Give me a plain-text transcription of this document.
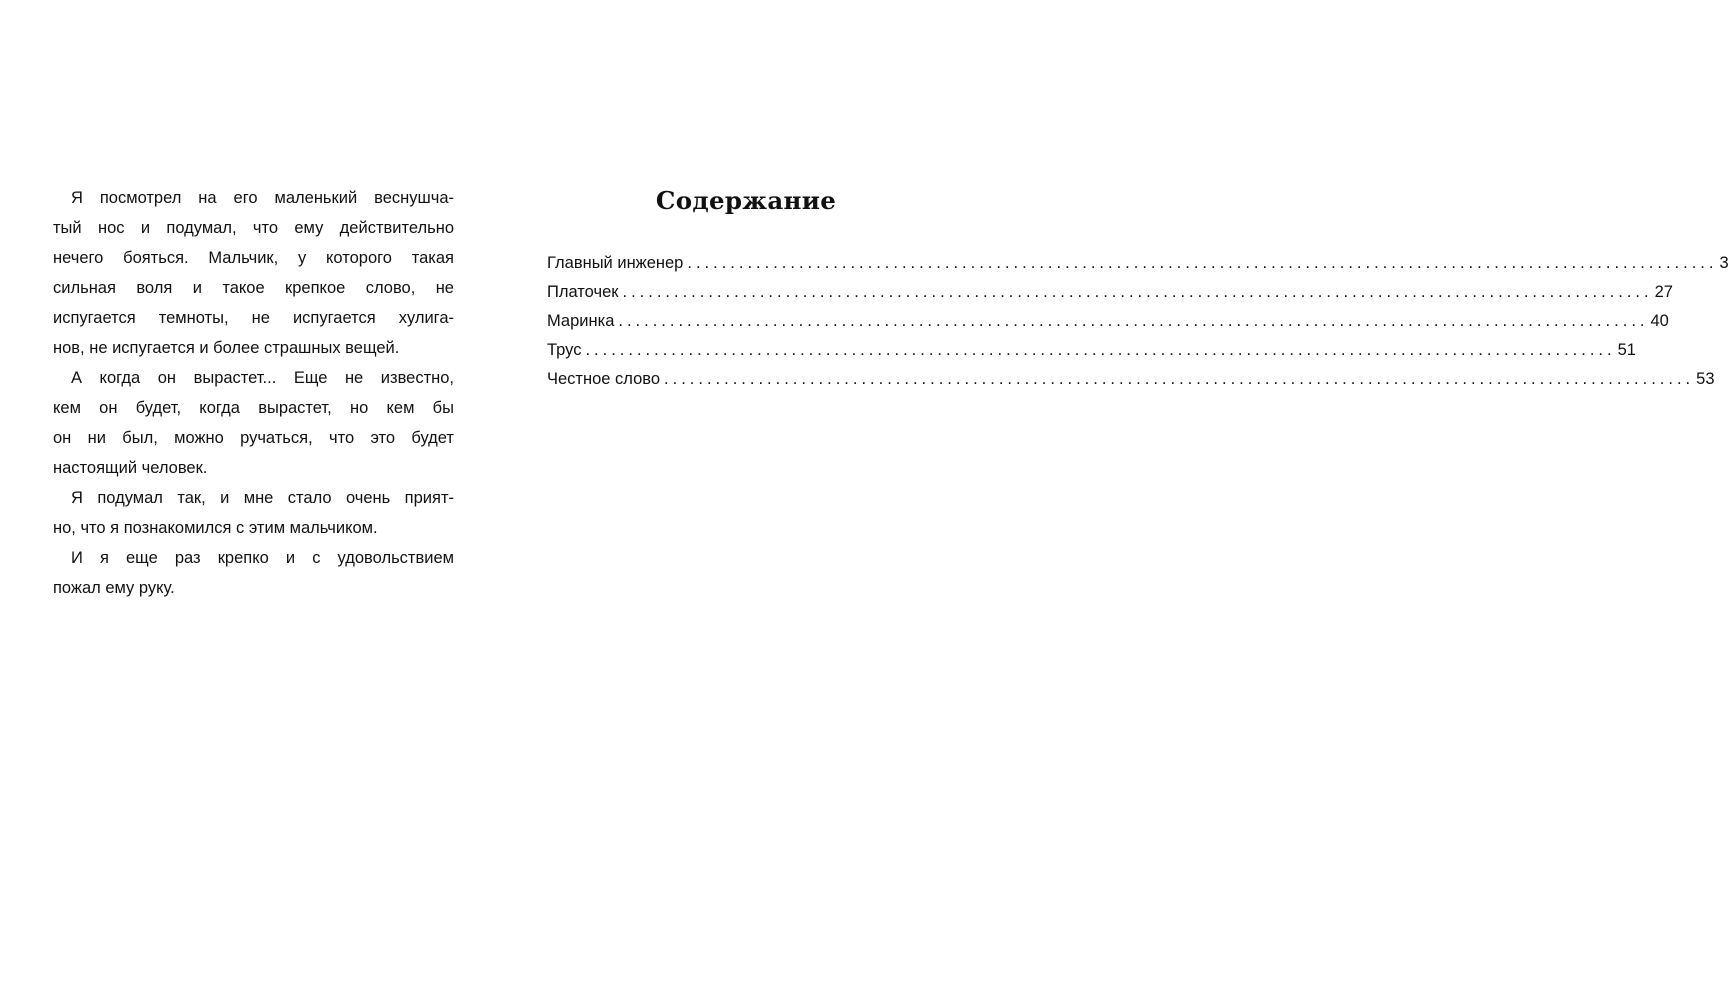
Я посмотрел на его маленький веснушча-

тый нос и подумал, что ему действительно

нечего бояться. Мальчик, у которого такая

сильная воля и такое крепкое слово, не

испугается темноты, не испугается хулига-

нов, не испугается и более страшных вещей.

А когда он вырастет... Еще не известно,

кем он будет, когда вырастет, но кем бы

он ни был, можно ручаться, что это будет

настоящий человек.

Я подумал так, и мне стало очень прият-

но, что я познакомился с этим мальчиком.

И я еще раз крепко и с удовольствием

пожал ему руку.

Содержание
Главный инженер ........................................................................................................................ 3
Платочек ........................................................................................................................ 27
Маринка ........................................................................................................................ 40
Трус ........................................................................................................................ 51
Честное слово ........................................................................................................................ 53
